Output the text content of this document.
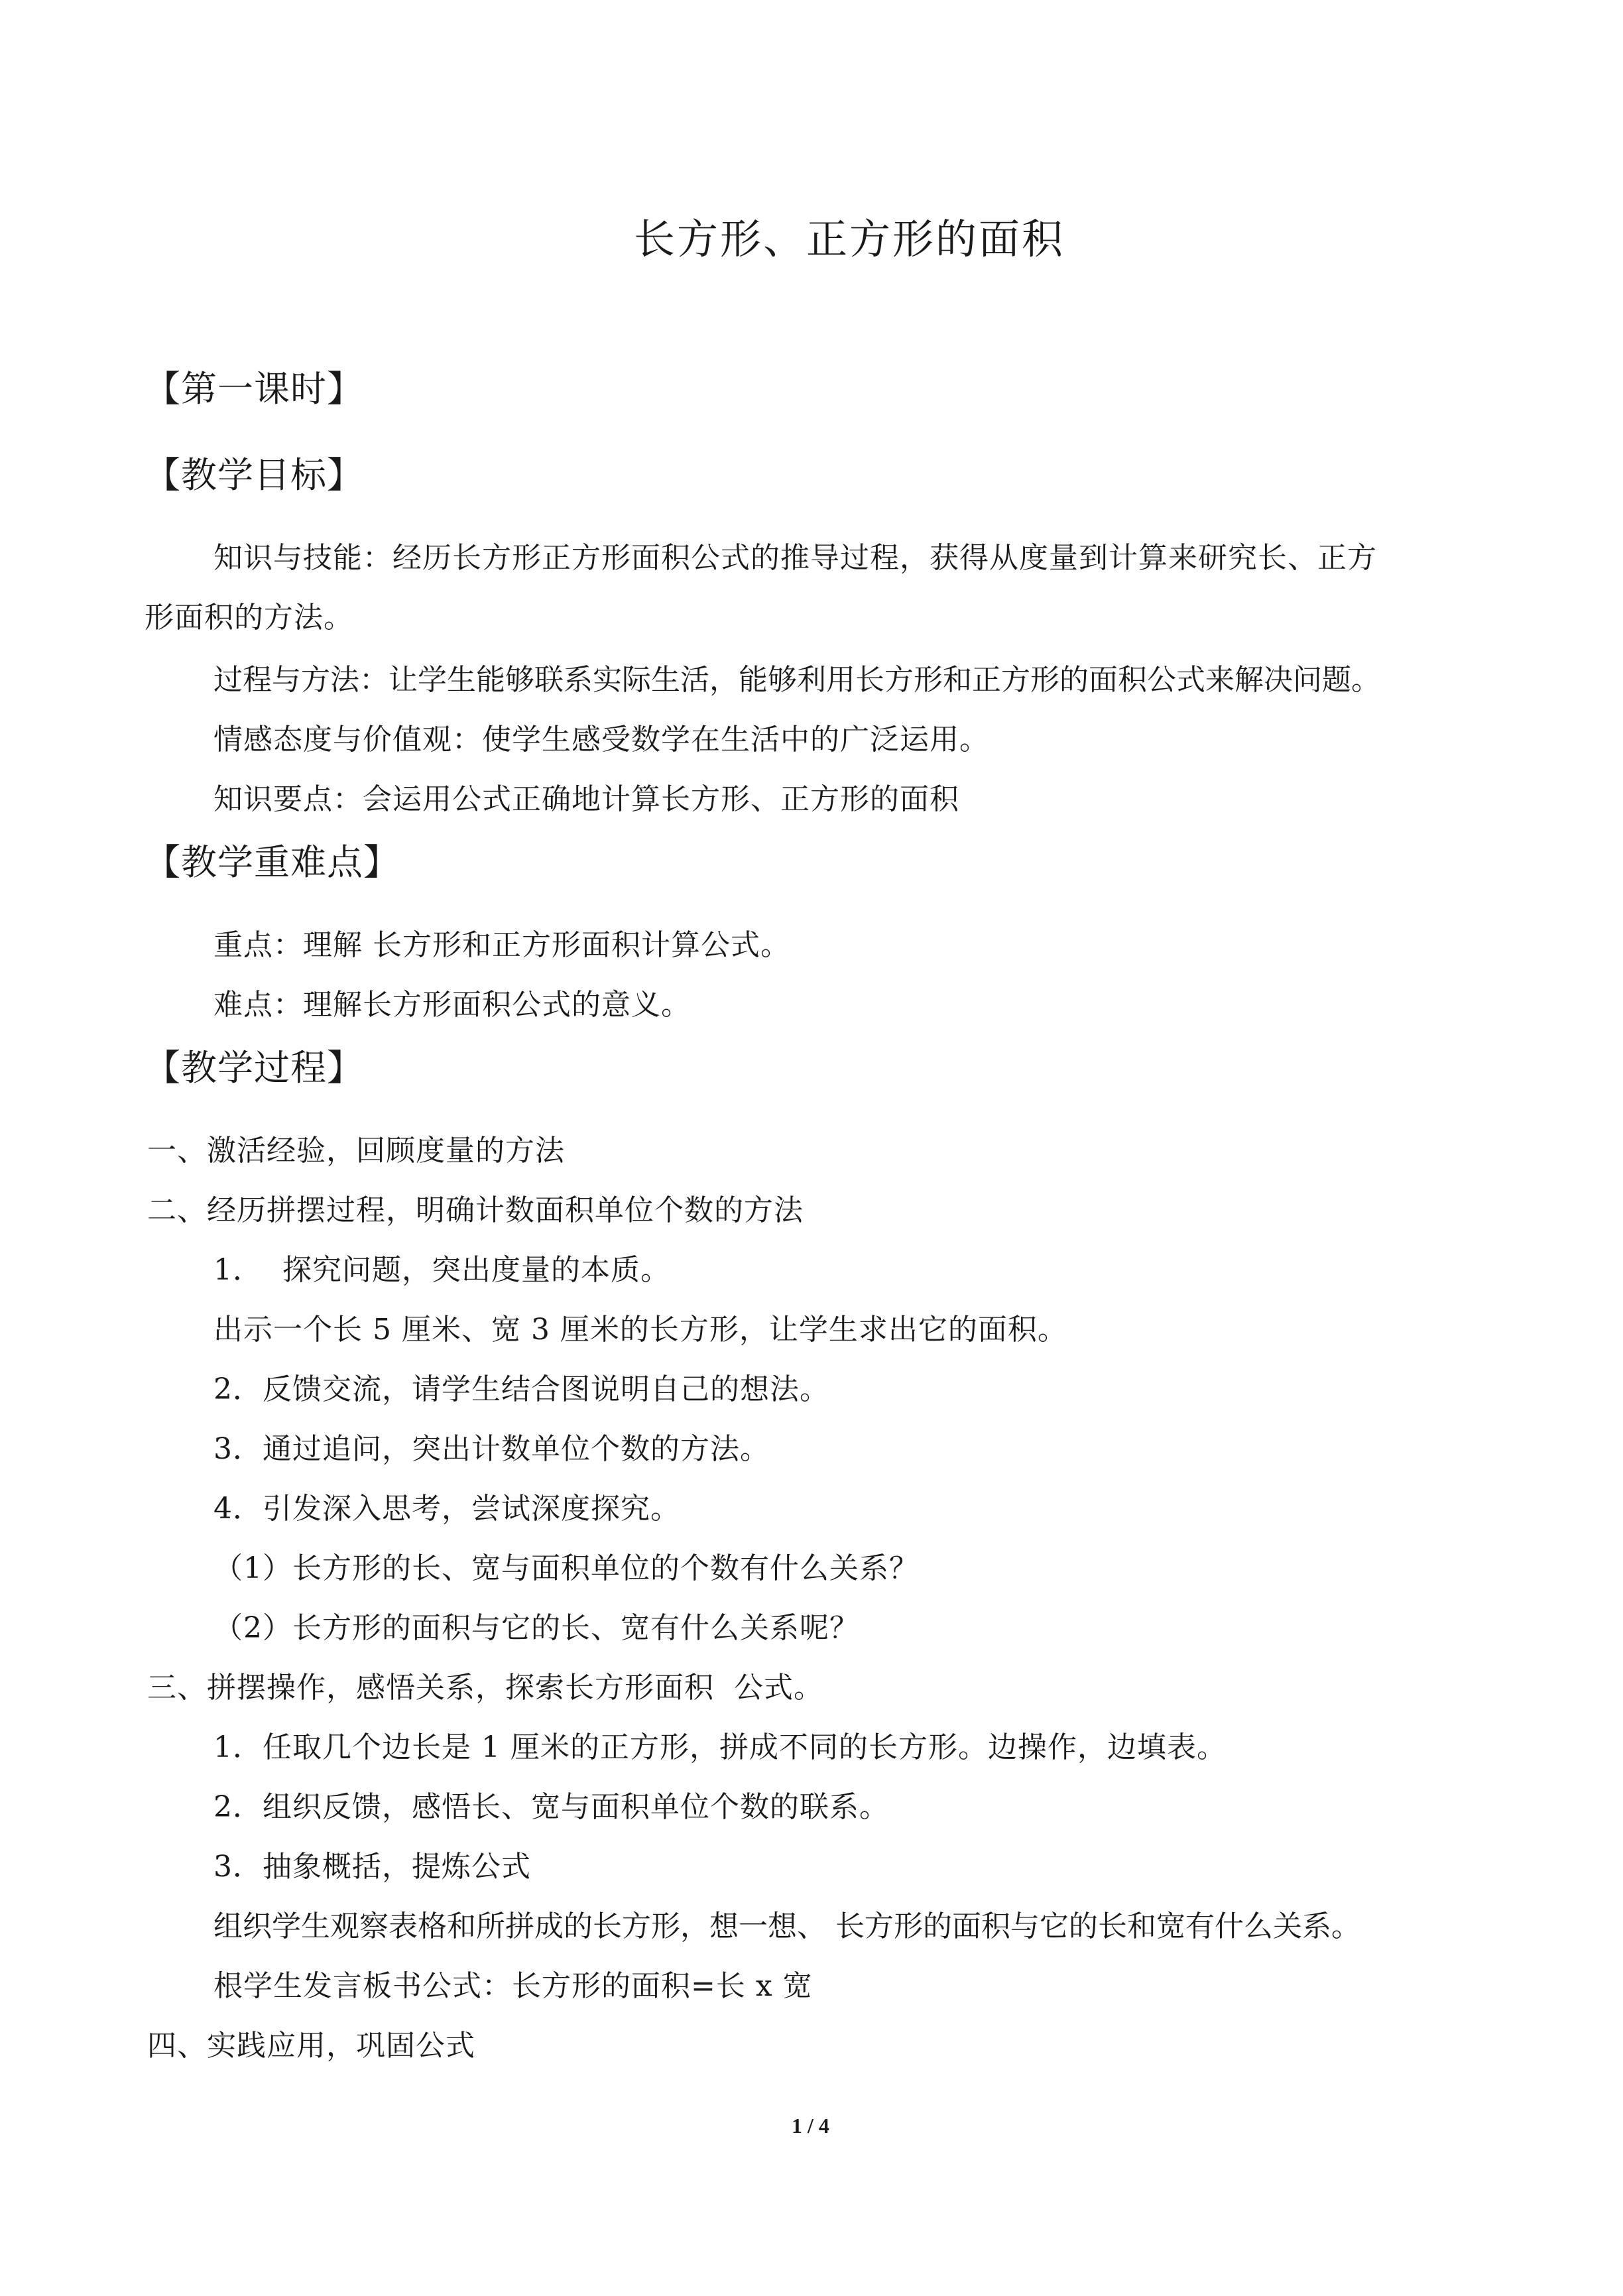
长方形、正方形的面积
【第一课时】
【教学目标】
知识与技能：经历长方形正方形面积公式的推导过程，获得从度量到计算来研究长、正方
形面积的方法。
过程与方法：让学生能够联系实际生活，能够利用长方形和正方形的面积公式来解决问题。
情感态度与价值观：使学生感受数学在生活中的广泛运用。
知识要点：会运用公式正确地计算长方形、正方形的面积
【教学重难点】
重点：理解 长方形和正方形面积计算公式。
难点：理解长方形面积公式的意义。
【教学过程】
一、激活经验，回顾度量的方法
二、经历拼摆过程，明确计数面积单位个数的方法
1．  探究问题，突出度量的本质。
出示一个长 5 厘米、宽 3 厘米的长方形，让学生求出它的面积。
2．反馈交流，请学生结合图说明自己的想法。
3．通过追问，突出计数单位个数的方法。
4．引发深入思考，尝试深度探究。
（1）长方形的长、宽与面积单位的个数有什么关系？
（2）长方形的面积与它的长、宽有什么关系呢？
三、拼摆操作，感悟关系，探索长方形面积  公式。
1．任取几个边长是 1 厘米的正方形，拼成不同的长方形。边操作，边填表。
2．组织反馈，感悟长、宽与面积单位个数的联系。
3．抽象概括，提炼公式
组织学生观察表格和所拼成的长方形，想一想、 长方形的面积与它的长和宽有什么关系。
根学生发言板书公式：长方形的面积=长 x 宽
四、实践应用，巩固公式
1 / 4
